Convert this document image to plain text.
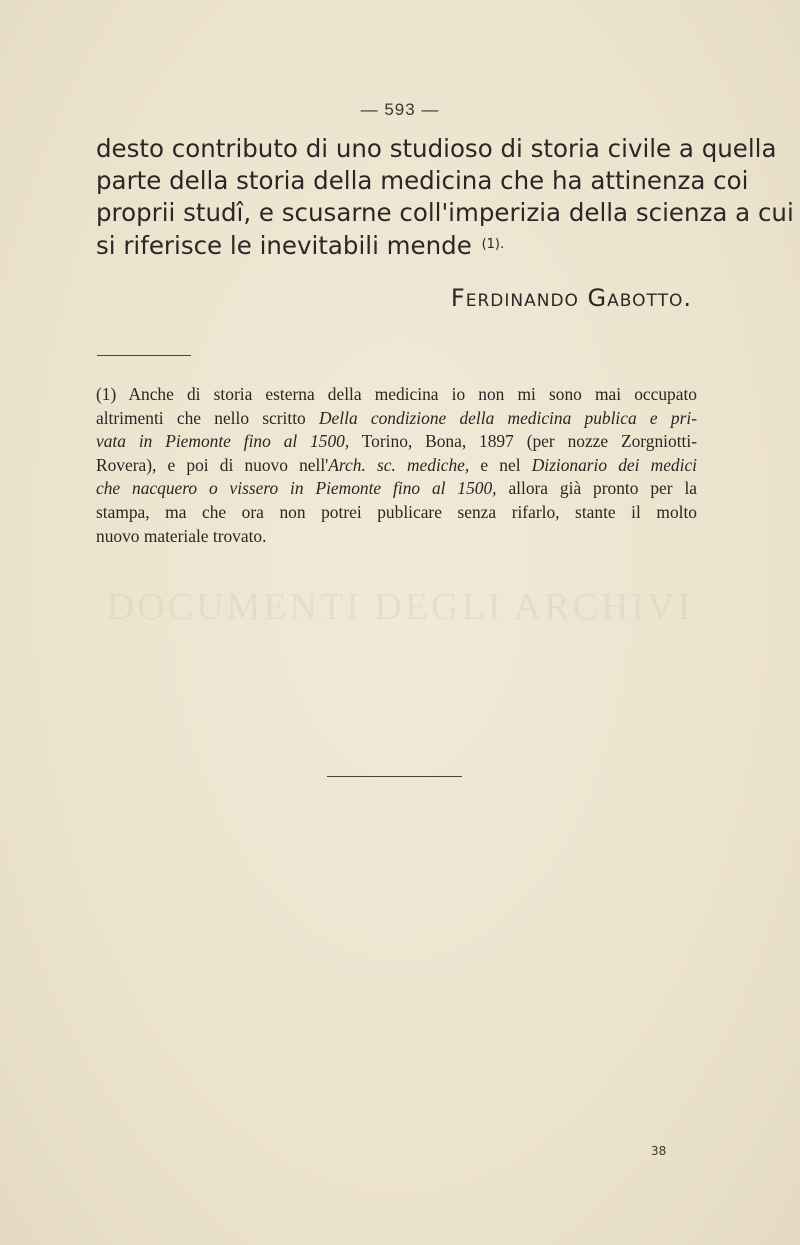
— 593 —
desto contributo di uno studioso di storia civile a quella
parte della storia della medicina che ha attinenza coi
proprii studî, e scusarne coll'imperizia della scienza a cui
si riferisce le inevitabili mende $^{(1).}$
Ferdinando Gabotto.
(1) Anche di storia esterna della medicina io non mi sono mai occupato
altrimenti che nello scritto Della condizione della medicina publica e pri-
vata in Piemonte fino al 1500, Torino, Bona, 1897 (per nozze Zorgniotti-
Rovera), e poi di nuovo nell'Arch. sc. mediche, e nel Dizionario dei medici
che nacquero o vissero in Piemonte fino al 1500, allora già pronto per la
stampa, ma che ora non potrei publicare senza rifarlo, stante il molto
nuovo materiale trovato.
DOCUMENTI DEGLI ARCHIVI
38
